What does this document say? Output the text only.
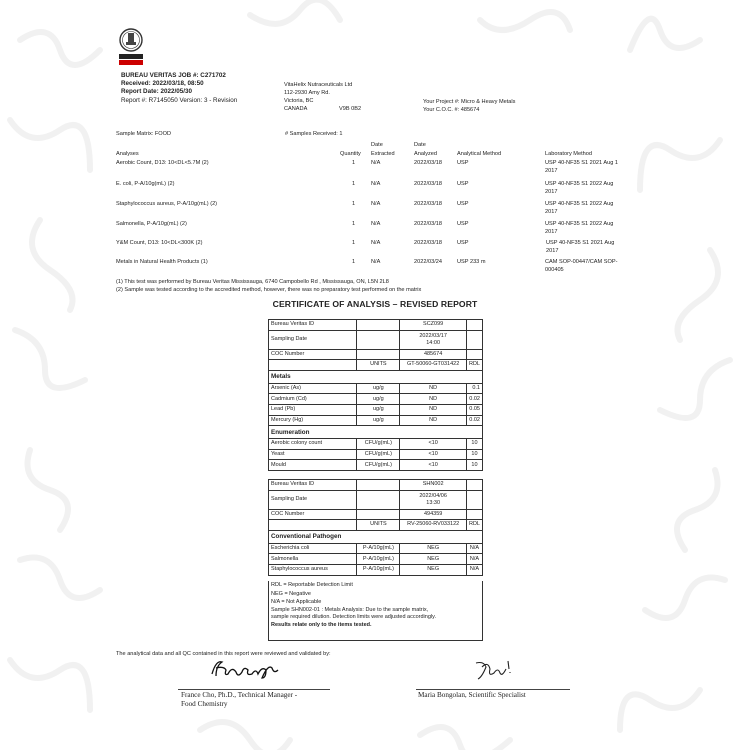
BUREAU VERITAS JOB #: C271702
Received: 2022/03/18, 08:50
Report Date: 2022/05/30
Report #: R7145050 Version: 3 - Revision
VitaHelix Nutraceuticals Ltd
112-2930 Amy Rd.
Victoria, BC
CANADA	V9B 0B2
Your Project #: Micro & Heavy Metals
Your C.O.C. #: 485674
Sample Matrix: FOOD	# Samples Received: 1
Date	Date
Analyses	Quantity Extracted	Analyzed	Analytical Method	Laboratory Method
Aerobic Count, D13: 10<DL<5.7M (2)	1	N/A	2022/03/18	USP	USP 40-NF35 S1 2021 Aug 1
2017
E. coli, P-A/10g(mL) (2)	1	N/A	2022/03/18	USP	USP 40-NF35 S1 2022 Aug
2017
Staphylococcus aureus, P-A/10g(mL) (2)	1	N/A	2022/03/18	USP	USP 40-NF35 S1 2022 Aug
2017
Salmonella, P-A/10g(mL) (2)	1	N/A	2022/03/18	USP	USP 40-NF35 S1 2022 Aug
2017
Y&M Count, D13: 10<DL<300K (2)	1	N/A	2022/03/18	USP	USP 40-NF35 S1 2021 Aug
2017
Metals in Natural Health Products (1)	1	N/A	2022/03/24	USP 233 m	CAM SOP-00447/CAM SOP-
000405
(1) This test was performed by Bureau Veritas Mississauga, 6740 Campobello Rd , Mississauga, ON, L5N 2L8
(2) Sample was tested according to the accredited method, however, there was no preparatory test performed on the matrix
CERTIFICATE OF ANALYSIS – REVISED REPORT
Bureau Veritas ID		SCZ099	
Sampling Date		2022/03/17
14:00	
COC Number		485674	
	UNITS	GT-50060-GT031422	RDL
Metals			
Arsenic (As)	ug/g	ND	0.1
Cadmium (Cd)	ug/g	ND	0.02
Lead (Pb)	ug/g	ND	0.05
Mercury (Hg)	ug/g	ND	0.02
Enumeration			
Aerobic colony count	CFU/g(mL)	<10	10
Yeast	CFU/g(mL)	<10	10
Mould	CFU/g(mL)	<10	10
Bureau Veritas ID		SHN002	
Sampling Date		2022/04/06
13:30	
COC Number		494359	
	UNITS	RV-25060-RV033122	RDL
Conventional Pathogen			
Escherichia coli	P-A/10g(mL)	NEG	N/A
Salmonella	P-A/10g(mL)	NEG	N/A
Staphylococcus aureus	P-A/10g(mL)	NEG	N/A
RDL = Reportable Detection Limit
NEG = Negative
N/A = Not Applicable
Sample SHN002-01 : Metals Analysis: Due to the sample matrix,
sample required dilution. Detection limits were adjusted accordingly.
Results relate only to the items tested.
The analytical data and all QC contained in this report were reviewed and validated by:
France Cho, Ph.D., Technical Manager -
Food Chemistry
Maria Bongolan, Scientific Specialist
